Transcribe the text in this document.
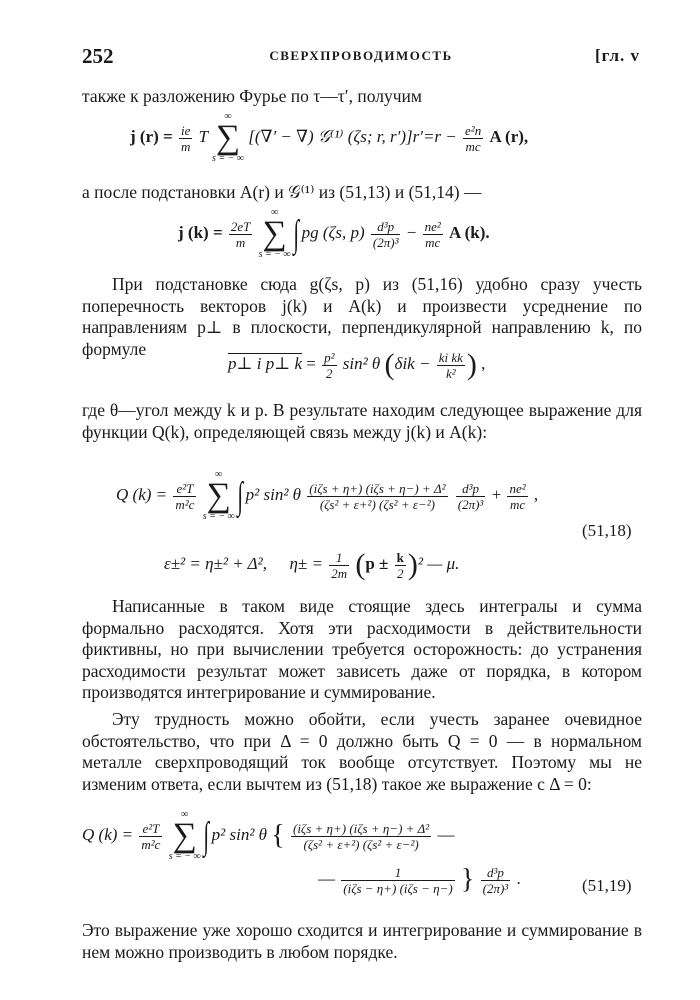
252	СВЕРХПРОВОДИМОСТЬ	[гл. v
также к разложению Фурье по τ—τ′, получим
j $(r) = \frac{ie}{m}$ T
∞
∑
s = − ∞
[(∇′ − ∇) 𝒢⁽¹⁾ (ζs; r, $r')]r'=r - \frac{\text{e²n}}{mc}$ A (r),
а после подстановки A(r) и 𝒢⁽¹⁾ из (51,13) и (51,14) —
j $(k) = \frac{2eT}{m}$

∞
∑
s = − ∞ ∫ pg (ζs, $p) \frac{\text{d³p}}{\text{(2π)³}} - \frac{\text{ne²}}{mc}$ A (k).
При подстановке сюда g(ζs, p) из (51,16) удобно сразу учесть поперечность векторов j(k) и A(k) и произвести усреднение по направлениям p⊥ в плоскости, перпендикулярной направлению k, по формуле
p⊥ i p⊥ $k = \frac{\text{p²}}{2} \sin^2$ θ ($\delta ik - \frac{\text{ki kk}}{\text{k²}}$ ) ,
где θ—угол между k и p. В результате находим следующее выражение для функции Q(k), определяющей связь между j(k) и A(k):
Q $(k) = \frac{\text{e²T}}{\text{m²c}}$

∞
∑
s = − ∞ ∫ p² sin² θ $\frac{\text{(iζs + η+) (iζs + η−) + Δ²}}{\text{(ζs² + ε+²) (ζs² + ε−²)}}$
$\frac{\text{d³p}}{\text{(2π)³}} + \frac{\text{ne²}}{mc}$ ,
(51,18)
ε±² = η±² + Δ², $\eta\pm = \frac{1}{2m} (p \pm \frac{k}{2} )^2$ — μ.
Написанные в таком виде стоящие здесь интегралы и сумма формально расходятся. Хотя эти расходимости в действительности фиктивны, но при вычислении требуется осторожность: до устранения расходимости результат может зависеть даже от порядка, в котором производятся интегрирование и суммирование.
Эту трудность можно обойти, если учесть заранее очевидное обстоятельство, что при Δ = 0 должно быть Q = 0 — в нормальном металле сверхпроводящий ток вообще отсутствует. Поэтому мы не изменим ответа, если вычтем из (51,18) такое же выражение с Δ = 0:
Q $(k) = \frac{\text{e²T}}{\text{m²c}}$

∞
∑
s = − ∞ ∫ p² sin² θ { $\frac{\text{(iζs + η+) (iζs + η−) + Δ²}}{\text{(ζs² + ε+²) (ζs² + ε−²)}}$ —
— $\frac{1}{\text{(iζs − η+) (iζs − η−)}}$ } $\frac{\text{d³p}}{\text{(2π)³}}$ .	(51,19)
Это выражение уже хорошо сходится и интегрирование и суммирование в нем можно производить в любом порядке.
